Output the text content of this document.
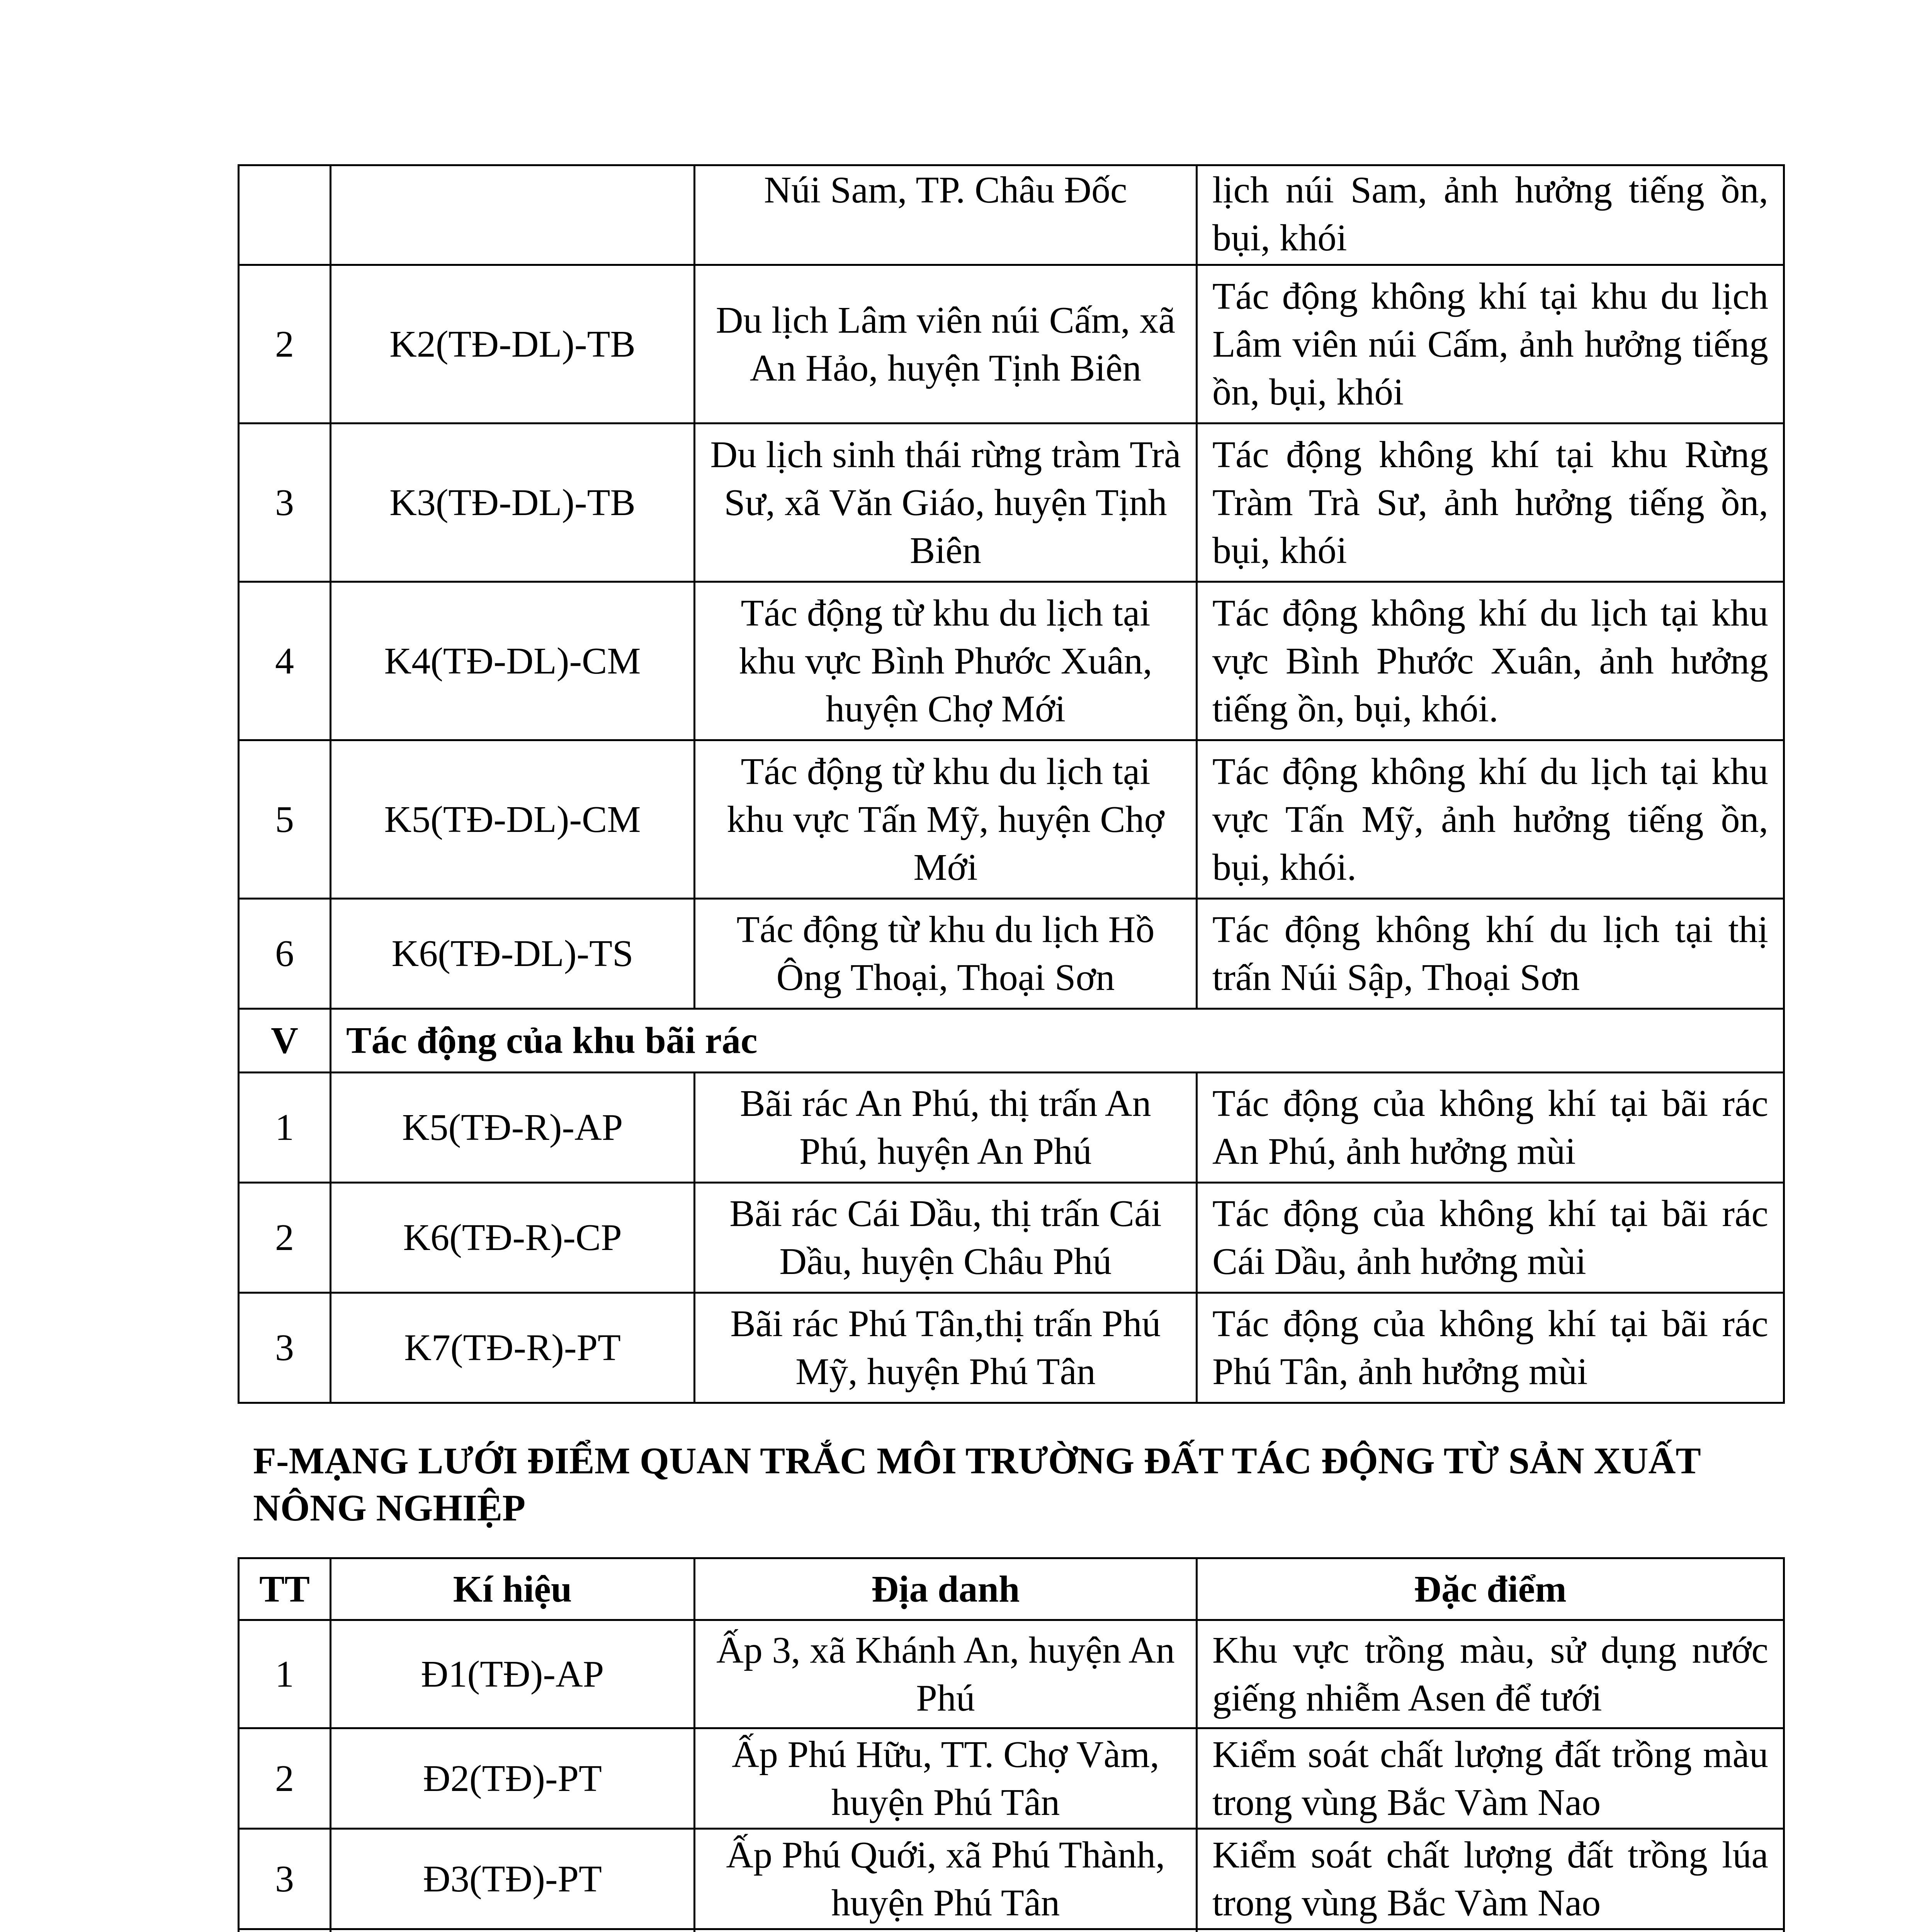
		Núi Sam, TP. Châu Đốc	lịch núi Sam, ảnh hưởng tiếng ồn, bụi, khói
2	K2(TĐ-DL)-TB	Du lịch Lâm viên núi Cấm, xã An Hảo, huyện Tịnh Biên	Tác động không khí tại khu du lịch Lâm viên núi Cấm, ảnh hưởng tiếng ồn, bụi, khói
3	K3(TĐ-DL)-TB	Du lịch sinh thái rừng tràm Trà Sư, xã Văn Giáo, huyện Tịnh Biên	Tác động không khí tại khu Rừng Tràm Trà Sư, ảnh hưởng tiếng ồn, bụi, khói
4	K4(TĐ-DL)-CM	Tác động từ khu du lịch tại khu vực Bình Phước Xuân, huyện Chợ Mới	Tác động không khí du lịch tại khu vực Bình Phước Xuân, ảnh hưởng tiếng ồn, bụi, khói.
5	K5(TĐ-DL)-CM	Tác động từ khu du lịch tại khu vực Tấn Mỹ, huyện Chợ Mới	Tác động không khí du lịch tại khu vực Tấn Mỹ, ảnh hưởng tiếng ồn, bụi, khói.
6	K6(TĐ-DL)-TS	Tác động từ khu du lịch Hồ Ông Thoại, Thoại Sơn	Tác động không khí du lịch tại thị trấn Núi Sập, Thoại Sơn
V	Tác động của khu bãi rác		
1	K5(TĐ-R)-AP	Bãi rác An Phú, thị trấn An Phú, huyện An Phú	Tác động của không khí tại bãi rác An Phú, ảnh hưởng mùi
2	K6(TĐ-R)-CP	Bãi rác Cái Dầu, thị trấn Cái Dầu, huyện Châu Phú	Tác động của không khí tại bãi rác Cái Dầu, ảnh hưởng mùi
3	K7(TĐ-R)-PT	Bãi rác Phú Tân,thị trấn Phú Mỹ, huyện Phú Tân	Tác động của không khí tại bãi rác Phú Tân, ảnh hưởng mùi
F-MẠNG LƯỚI ĐIỂM QUAN TRẮC MÔI TRƯỜNG ĐẤT TÁC ĐỘNG TỪ SẢN XUẤT NÔNG NGHIỆP
TT	Kí hiệu	Địa danh	Đặc điểm
1	Đ1(TĐ)-AP	Ấp 3, xã Khánh An, huyện An Phú	Khu vực trồng màu, sử dụng nước giếng nhiễm Asen để tưới
2	Đ2(TĐ)-PT	Ấp Phú Hữu, TT. Chợ Vàm, huyện Phú Tân	Kiểm soát chất lượng đất trồng màu trong vùng Bắc Vàm Nao
3	Đ3(TĐ)-PT	Ấp Phú Quới, xã Phú Thành, huyện Phú Tân	Kiểm soát chất lượng đất trồng lúa trong vùng Bắc Vàm Nao
